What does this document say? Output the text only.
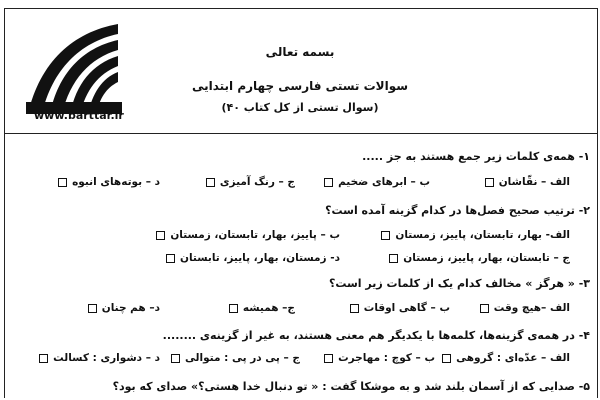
www.barttar.ir
بسمه تعالی
سوالات تستی فارسی چهارم ابتدایی
(۴۰ سوال تستی از کل کتاب)
۱- همه‌ی کلمات زیر جمع هستند به جز .....
الف – نقّاشان
ب – ابرهای ضخیم
ج – رنگ آمیزی
د – بوته‌های انبوه
۲- ترتیب صحیح فصل‌ها در کدام گزینه آمده است؟
الف- بهار، تابستان، پاییز، زمستان
ب – پاییز، بهار، تابستان، زمستان
ج – تابستان، بهار، پاییز، زمستان
د- زمستان، بهار، پاییز، تابستان
۳- « هرگز » مخالف کدام یک از کلمات زیر است؟
الف –هیچ وقت
ب – گاهی اوقات
ج– همیشه
د– هم چنان
۴- در همه‌ی گزینه‌ها، کلمه‌ها با یکدیگر هم معنی هستند، به غیر از گزینه‌ی ........
الف – عدّه‌ای : گروهی
ب – کوچ : مهاجرت
ج – پی در پی : متوالی
د – دشواری : کسالت
۵- صدایی که از آسمان بلند شد و به موشکا گفت : « تو دنبال خدا هستی؟» صدای که بود؟
